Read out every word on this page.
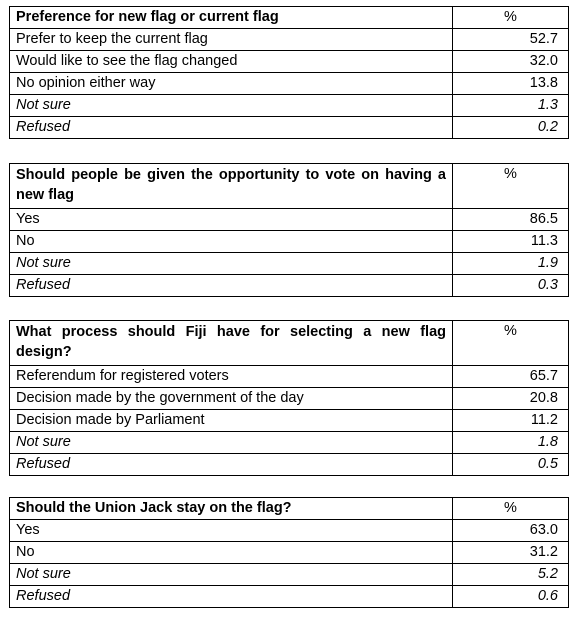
Preference for new flag or current flag	%
Prefer to keep the current flag	52.7
Would like to see the flag changed	32.0
No opinion either way	13.8
Not sure	1.3
Refused	0.2
Should people be given the opportunity to vote on having a new flag	%
Yes	86.5
No	11.3
Not sure	1.9
Refused	0.3
What process should Fiji have for selecting a new flag design?	%
Referendum for registered voters	65.7
Decision made by the government of the day	20.8
Decision made by Parliament	11.2
Not sure	1.8
Refused	0.5
Should the Union Jack stay on the flag?	%
Yes	63.0
No	31.2
Not sure	5.2
Refused	0.6
